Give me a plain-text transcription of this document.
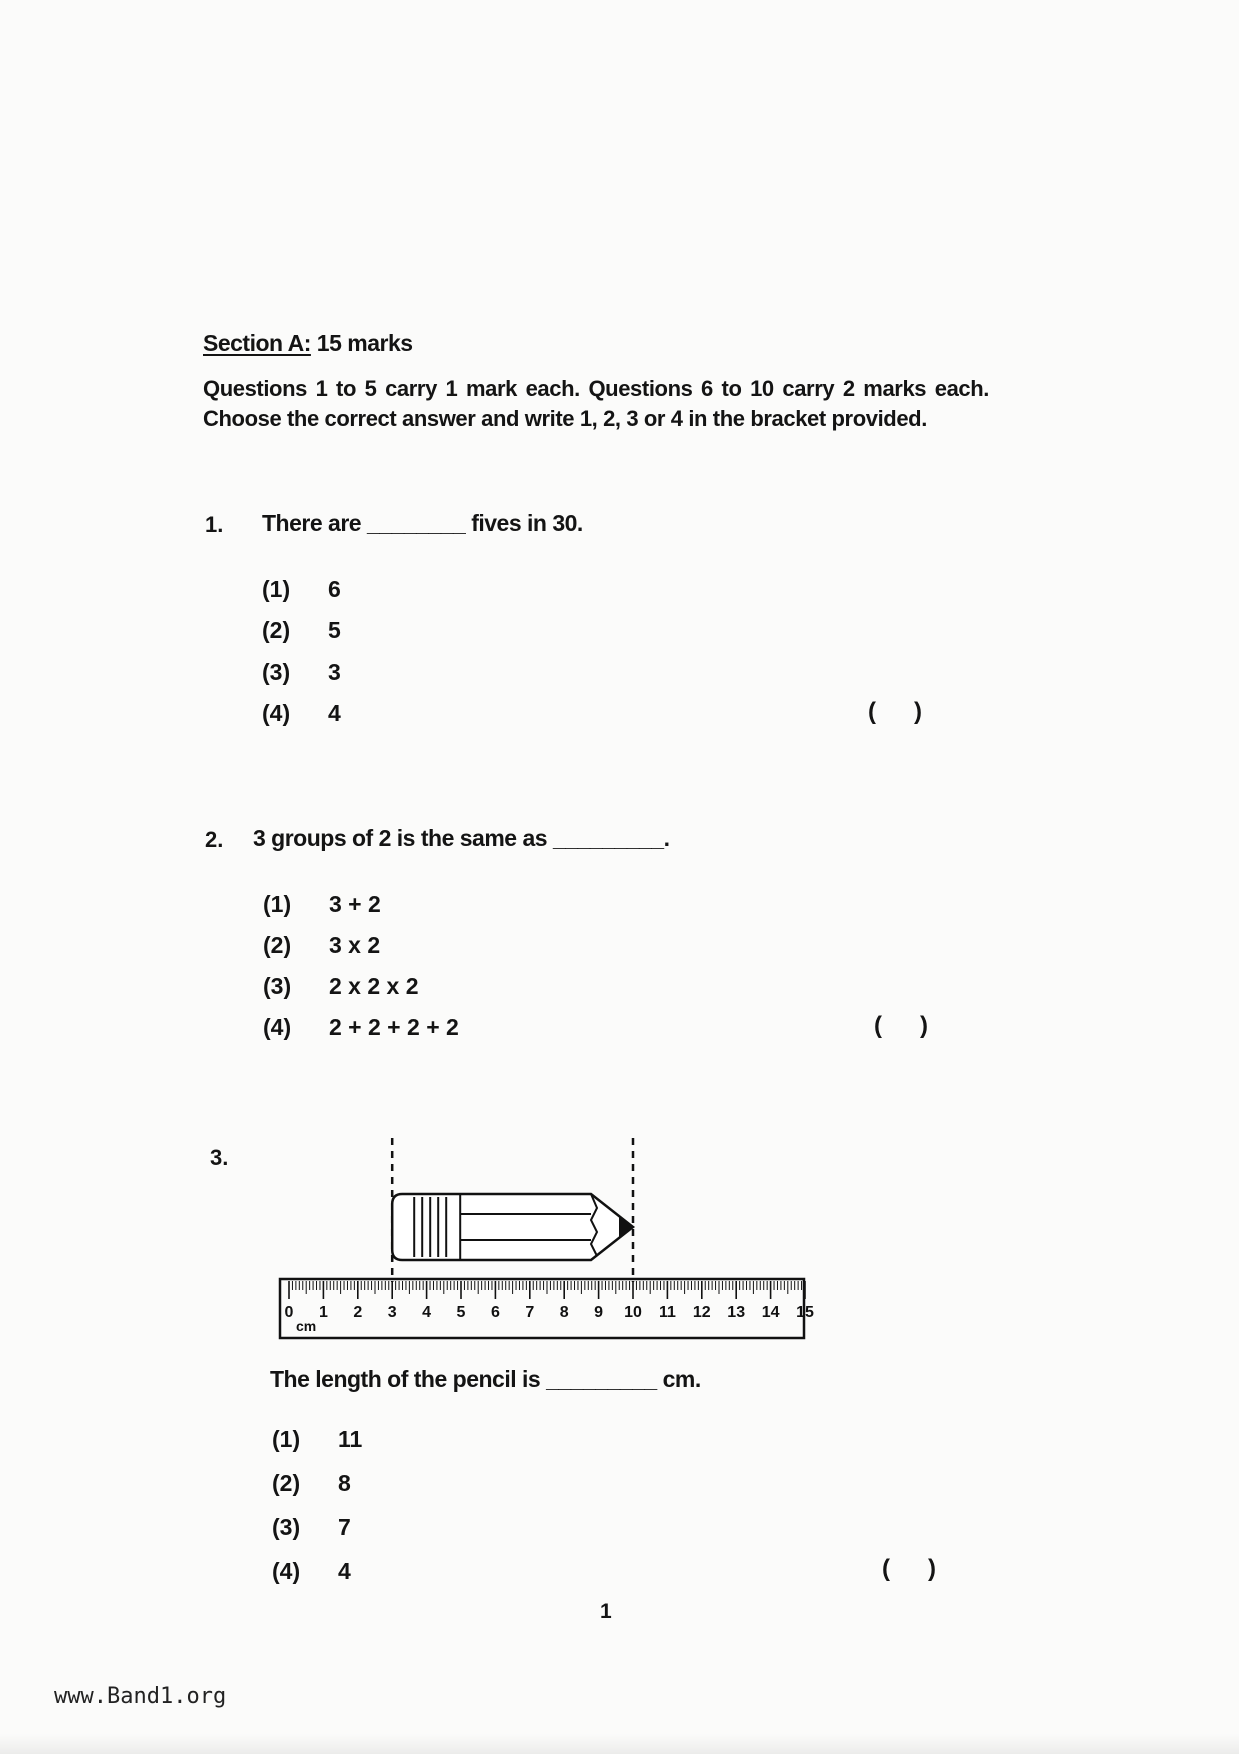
Section A: 15 marks
Questions 1 to 5 carry 1 mark each. Questions 6 to 10 carry 2 marks each. Choose the correct answer and write 1, 2, 3 or 4 in the bracket provided.
1. There are ________ fives in 30.
(1) 6
(2) 5
(3) 3
(4) 4	( )
2. 3 groups of 2 is the same as _________.
(1) 3 + 2
(2) 3 x 2
(3) 2 x 2 x 2
(4) 2 + 2 + 2 + 2	( )
3.
0 1 2 3 4 5 6 7 8 9 10 11 12 13 14 15
cm
The length of the pencil is _________ cm.
(1) 11
(2) 8
(3) 7
(4) 4	( )
1
www.Band1.org
